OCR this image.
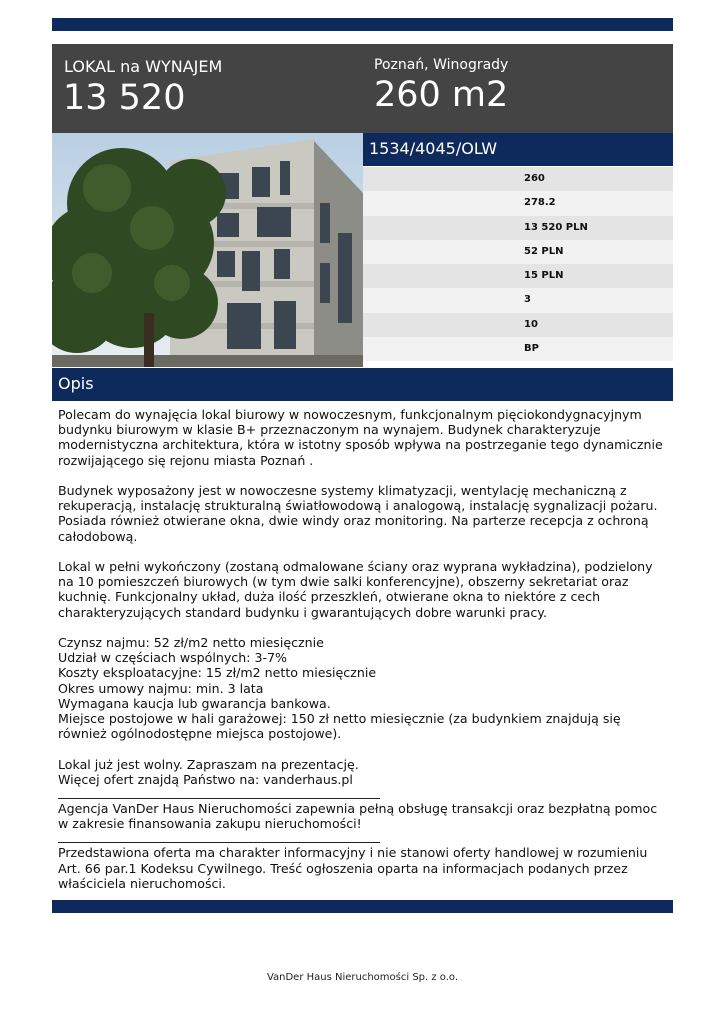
LOKAL na WYNAJEM
13 520
Poznań, Winogrady
260 m2
1534/4045/OLW
260
278.2
13 520 PLN
52 PLN
15 PLN
3
10
BP
Opis

Polecam do wynajęcia lokal biurowy w nowoczesnym, funkcjonalnym pięciokondygnacyjnym budynku biurowym w klasie B+ przeznaczonym na wynajem. Budynek charakteryzuje modernistyczna architektura, która w istotny sposób wpływa na postrzeganie tego dynamicznie rozwijającego się rejonu miasta Poznań .

Budynek wyposażony jest w nowoczesne systemy klimatyzacji, wentylację mechaniczną z rekuperacją, instalację strukturalną światłowodową i analogową, instalację sygnalizacji pożaru. Posiada również otwierane okna, dwie windy oraz monitoring. Na parterze recepcja z ochroną całodobową.

Lokal w pełni wykończony (zostaną odmalowane ściany oraz wyprana wykładzina), podzielony na 10 pomieszczeń biurowych (w tym dwie salki konferencyjne), obszerny sekretariat oraz kuchnię. Funkcjonalny układ, duża ilość przeszkleń, otwierane okna to niektóre z cech charakteryzujących standard budynku i gwarantujących dobre warunki pracy.

Czynsz najmu: 52 zł/m2 netto miesięcznie
Udział w częściach wspólnych: 3-7%
Koszty eksploatacyjne: 15 zł/m2 netto miesięcznie
Okres umowy najmu: min. 3 lata
Wymagana kaucja lub gwarancja bankowa.
Miejsce postojowe w hali garażowej: 150 zł netto miesięcznie (za budynkiem znajdują się również ogólnodostępne miejsca postojowe).
Lokal już jest wolny. Zapraszam na prezentację.
Więcej ofert znajdą Państwo na: vanderhaus.pl
Agencja VanDer Haus Nieruchomości zapewnia pełną obsługę transakcji oraz bezpłatną pomoc w zakresie finansowania zakupu nieruchomości!
Przedstawiona oferta ma charakter informacyjny i nie stanowi oferty handlowej w rozumieniu Art. 66 par.1 Kodeksu Cywilnego. Treść ogłoszenia oparta na informacjach podanych przez właściciela nieruchomości.
VanDer Haus Nieruchomości Sp. z o.o.
